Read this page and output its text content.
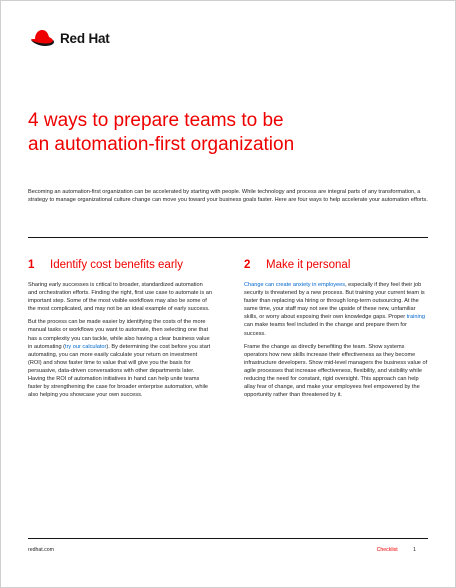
Red Hat
4 ways to prepare teams to be
an automation-first organization
Becoming an automation-first organization can be accelerated by starting with people. While technology and process are integral parts of any transformation, a strategy to manage organizational culture change can move you toward your business goals faster. Here are four ways to help accelerate your automation efforts.
1	Identify cost benefits early

Sharing early successes is critical to broader, standardized automation and orchestration efforts. Finding the right, first use case to automate is an important step. Some of the most visible workflows may also be some of the most complicated, and may not be an ideal example of early success.

But the process can be made easier by identifying the costs of the more manual tasks or workflows you want to automate, then selecting one that has a complexity you can tackle, while also having a clear business value in automating (try our calculator). By determining the cost before you start automating, you can more easily calculate your return on investment (ROI) and show faster time to value that will give you the basis for persuasive, data-driven conversations with other departments later. Having the ROI of automation initiatives in hand can help unite teams faster by strengthening the case for broader enterprise automation, while also helping you showcase your own success.

2	Make it personal

Change can create anxiety in employees, especially if they feel their job security is threatened by a new process. But training your current team is faster than replacing via hiring or through long-term outsourcing. At the same time, your staff may not see the upside of these new, unfamiliar skills, or worry about exposing their own knowledge gaps. Proper training can make teams feel included in the change and prepare them for success.

Frame the change as directly benefiting the team. Show systems operators how new skills increase their effectiveness as they become infrastructure developers. Show mid-level managers the business value of agile processes that increase effectiveness, flexibility, and visibility while reducing the need for constant, rigid oversight. This approach can help allay fear of change, and make your employees feel empowered by the opportunity rather than threatened by it.

redhat.com	Checklist	1
